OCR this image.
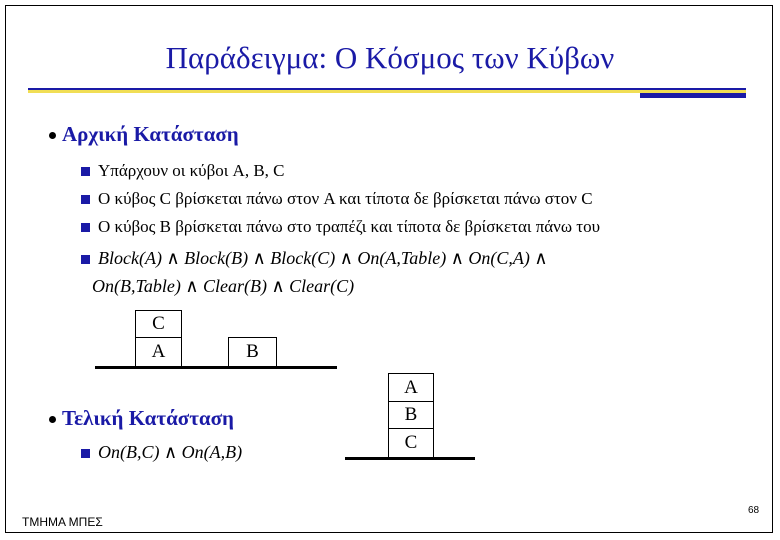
Παράδειγμα: Ο Κόσμος των Κύβων
Αρχική Κατάσταση
Υπάρχουν οι κύβοι A, B, C
Ο κύβος C βρίσκεται πάνω στον A και τίποτα δε βρίσκεται πάνω στον C
Ο κύβος B βρίσκεται πάνω στο τραπέζι και τίποτα δε βρίσκεται πάνω του
Block(A) ∧ Block(B) ∧ Block(C) ∧ On(A,Table) ∧ On(C,A) ∧
On(B,Table) ∧ Clear(B) ∧ Clear(C)
C
A	B
Τελική Κατάσταση
On(B,C) ∧ On(A,B)
A
B
C
ΤΜΗΜΑ ΜΠΕΣ
68
